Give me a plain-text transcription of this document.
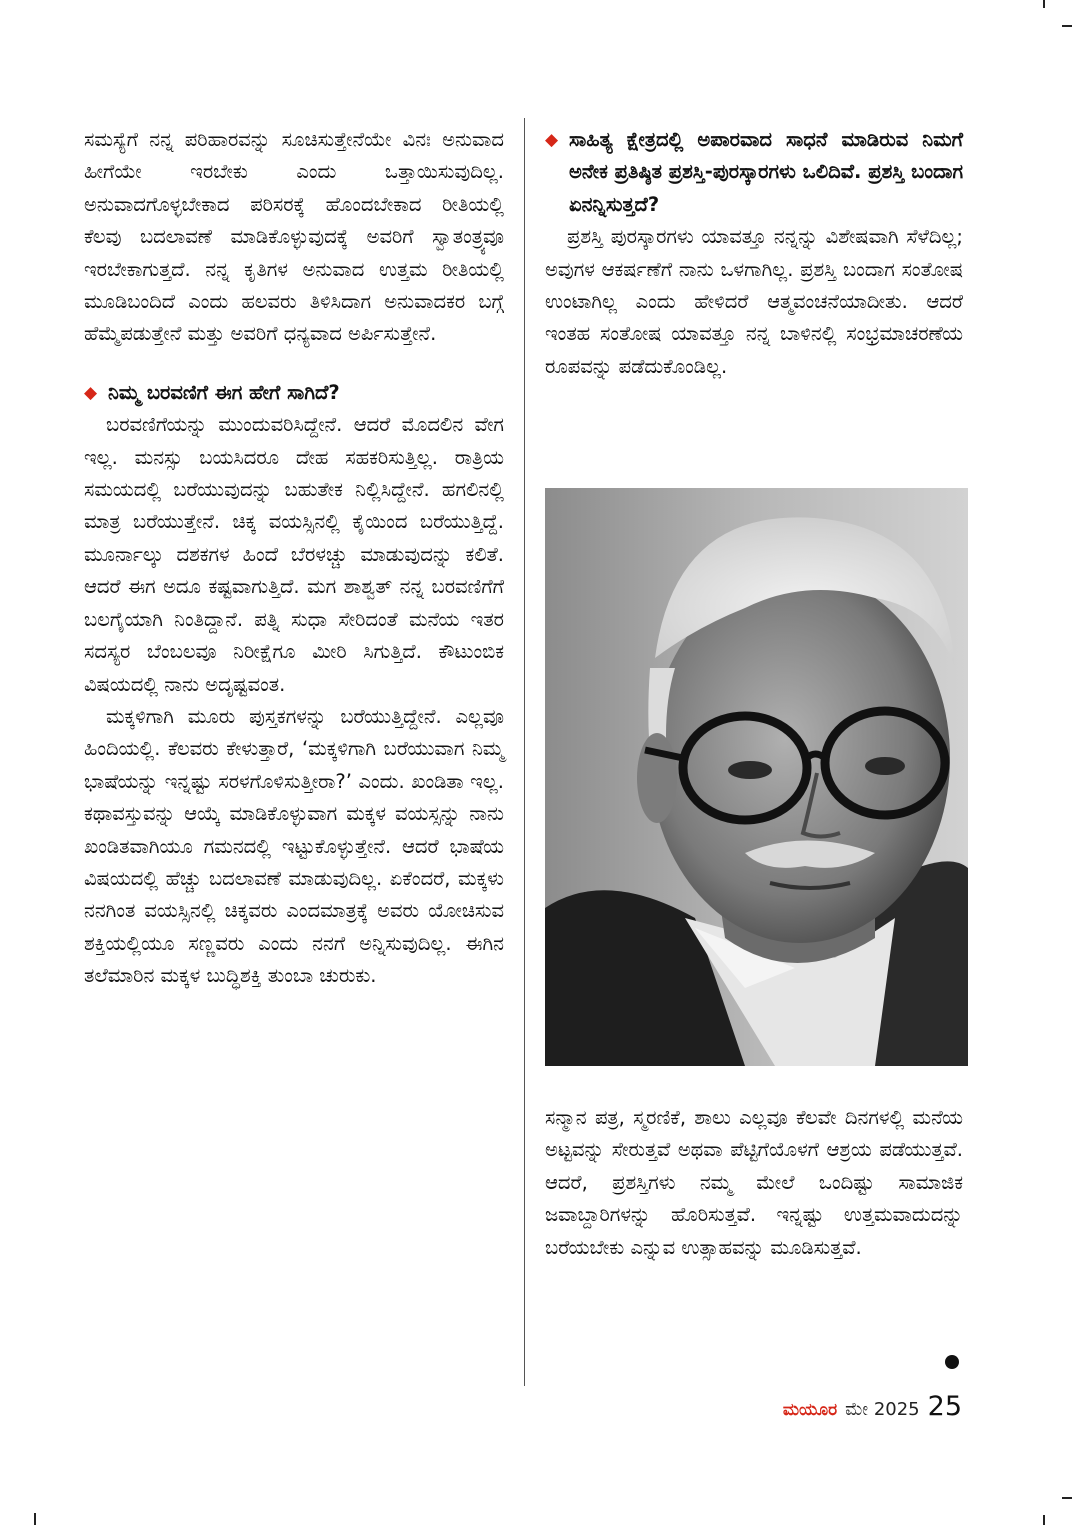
ಸಮಸ್ಯೆಗೆ ನನ್ನ ಪರಿಹಾರವನ್ನು ಸೂಚಿಸುತ್ತೇನೆಯೇ ವಿನಃ ಅನುವಾದ ಹೀಗೆಯೇ ಇರಬೇಕು ಎಂದು ಒತ್ತಾಯಿಸುವುದಿಲ್ಲ. ಅನುವಾದಗೊಳ್ಳಬೇಕಾದ ಪರಿಸರಕ್ಕೆ ಹೊಂದಬೇಕಾದ ರೀತಿಯಲ್ಲಿ ಕೆಲವು ಬದಲಾವಣೆ ಮಾಡಿಕೊಳ್ಳುವುದಕ್ಕೆ ಅವರಿಗೆ ಸ್ವಾತಂತ್ರ್ಯವೂ ಇರಬೇಕಾಗುತ್ತದೆ. ನನ್ನ ಕೃತಿಗಳ ಅನುವಾದ ಉತ್ತಮ ರೀತಿಯಲ್ಲಿ ಮೂಡಿಬಂದಿದೆ ಎಂದು ಹಲವರು ತಿಳಿಸಿದಾಗ ಅನುವಾದಕರ ಬಗ್ಗೆ ಹೆಮ್ಮೆಪಡುತ್ತೇನೆ ಮತ್ತು ಅವರಿಗೆ ಧನ್ಯವಾದ ಅರ್ಪಿಸುತ್ತೇನೆ.

◆ ನಿಮ್ಮ ಬರವಣಿಗೆ ಈಗ ಹೇಗೆ ಸಾಗಿದೆ?

ಬರವಣಿಗೆಯನ್ನು ಮುಂದುವರಿಸಿದ್ದೇನೆ. ಆದರೆ ಮೊದಲಿನ ವೇಗ ಇಲ್ಲ. ಮನಸ್ಸು ಬಯಸಿದರೂ ದೇಹ ಸಹಕರಿಸುತ್ತಿಲ್ಲ. ರಾತ್ರಿಯ ಸಮಯದಲ್ಲಿ ಬರೆಯುವುದನ್ನು ಬಹುತೇಕ ನಿಲ್ಲಿಸಿದ್ದೇನೆ. ಹಗಲಿನಲ್ಲಿ ಮಾತ್ರ ಬರೆಯುತ್ತೇನೆ. ಚಿಕ್ಕ ವಯಸ್ಸಿನಲ್ಲಿ ಕೈಯಿಂದ ಬರೆಯುತ್ತಿದ್ದೆ. ಮೂರ್ನಾಲ್ಕು ದಶಕಗಳ ಹಿಂದೆ ಬೆರಳಚ್ಚು ಮಾಡುವುದನ್ನು ಕಲಿತೆ. ಆದರೆ ಈಗ ಅದೂ ಕಷ್ಟವಾಗುತ್ತಿದೆ. ಮಗ ಶಾಶ್ವತ್ ನನ್ನ ಬರವಣಿಗೆಗೆ ಬಲಗೈಯಾಗಿ ನಿಂತಿದ್ದಾನೆ. ಪತ್ನಿ ಸುಧಾ ಸೇರಿದಂತೆ ಮನೆಯ ಇತರ ಸದಸ್ಯರ ಬೆಂಬಲವೂ ನಿರೀಕ್ಷೆಗೂ ಮೀರಿ ಸಿಗುತ್ತಿದೆ. ಕೌಟುಂಬಿಕ ವಿಷಯದಲ್ಲಿ ನಾನು ಅದೃಷ್ಟವಂತ.

ಮಕ್ಕಳಿಗಾಗಿ ಮೂರು ಪುಸ್ತಕಗಳನ್ನು ಬರೆಯುತ್ತಿದ್ದೇನೆ. ಎಲ್ಲವೂ ಹಿಂದಿಯಲ್ಲಿ. ಕೆಲವರು ಕೇಳುತ್ತಾರೆ, ‘ಮಕ್ಕಳಿಗಾಗಿ ಬರೆಯುವಾಗ ನಿಮ್ಮ ಭಾಷೆಯನ್ನು ಇನ್ನಷ್ಟು ಸರಳಗೊಳಿಸುತ್ತೀರಾ?’ ಎಂದು. ಖಂಡಿತಾ ಇಲ್ಲ. ಕಥಾವಸ್ತುವನ್ನು ಆಯ್ಕೆ ಮಾಡಿಕೊಳ್ಳುವಾಗ ಮಕ್ಕಳ ವಯಸ್ಸನ್ನು ನಾನು ಖಂಡಿತವಾಗಿಯೂ ಗಮನದಲ್ಲಿ ಇಟ್ಟುಕೊಳ್ಳುತ್ತೇನೆ. ಆದರೆ ಭಾಷೆಯ ವಿಷಯದಲ್ಲಿ ಹೆಚ್ಚು ಬದಲಾವಣೆ ಮಾಡುವುದಿಲ್ಲ. ಏಕೆಂದರೆ, ಮಕ್ಕಳು ನನಗಿಂತ ವಯಸ್ಸಿನಲ್ಲಿ ಚಿಕ್ಕವರು ಎಂದಮಾತ್ರಕ್ಕೆ ಅವರು ಯೋಚಿಸುವ ಶಕ್ತಿಯಲ್ಲಿಯೂ ಸಣ್ಣವರು ಎಂದು ನನಗೆ ಅನ್ನಿಸುವುದಿಲ್ಲ. ಈಗಿನ ತಲೆಮಾರಿನ ಮಕ್ಕಳ ಬುದ್ಧಿಶಕ್ತಿ ತುಂಬಾ ಚುರುಕು.

◆ ಸಾಹಿತ್ಯ ಕ್ಷೇತ್ರದಲ್ಲಿ ಅಪಾರವಾದ ಸಾಧನೆ ಮಾಡಿರುವ ನಿಮಗೆ ಅನೇಕ ಪ್ರತಿಷ್ಠಿತ ಪ್ರಶಸ್ತಿ-ಪುರಸ್ಕಾರಗಳು ಒಲಿದಿವೆ. ಪ್ರಶಸ್ತಿ ಬಂದಾಗ ಏನನ್ನಿಸುತ್ತದೆ?

ಪ್ರಶಸ್ತಿ ಪುರಸ್ಕಾರಗಳು ಯಾವತ್ತೂ ನನ್ನನ್ನು ವಿಶೇಷವಾಗಿ ಸೆಳೆದಿಲ್ಲ; ಅವುಗಳ ಆಕರ್ಷಣೆಗೆ ನಾನು ಒಳಗಾಗಿಲ್ಲ. ಪ್ರಶಸ್ತಿ ಬಂದಾಗ ಸಂತೋಷ ಉಂಟಾಗಿಲ್ಲ ಎಂದು ಹೇಳಿದರೆ ಆತ್ಮವಂಚನೆಯಾದೀತು. ಆದರೆ ಇಂತಹ ಸಂತೋಷ ಯಾವತ್ತೂ ನನ್ನ ಬಾಳಿನಲ್ಲಿ ಸಂಭ್ರಮಾಚರಣೆಯ ರೂಪವನ್ನು ಪಡೆದುಕೊಂಡಿಲ್ಲ.

ಸನ್ಮಾನ ಪತ್ರ, ಸ್ಮರಣಿಕೆ, ಶಾಲು ಎಲ್ಲವೂ ಕೆಲವೇ ದಿನಗಳಲ್ಲಿ ಮನೆಯ ಅಟ್ಟವನ್ನು ಸೇರುತ್ತವೆ ಅಥವಾ ಪೆಟ್ಟಿಗೆಯೊಳಗೆ ಆಶ್ರಯ ಪಡೆಯುತ್ತವೆ. ಆದರೆ, ಪ್ರಶಸ್ತಿಗಳು ನಮ್ಮ ಮೇಲೆ ಒಂದಿಷ್ಟು ಸಾಮಾಜಿಕ ಜವಾಬ್ದಾರಿಗಳನ್ನು ಹೊರಿಸುತ್ತವೆ. ಇನ್ನಷ್ಟು ಉತ್ತಮವಾದುದನ್ನು ಬರೆಯಬೇಕು ಎನ್ನುವ ಉತ್ಸಾಹವನ್ನು ಮೂಡಿಸುತ್ತವೆ.

ಮಯೂರ ಮೇ 2025 25
